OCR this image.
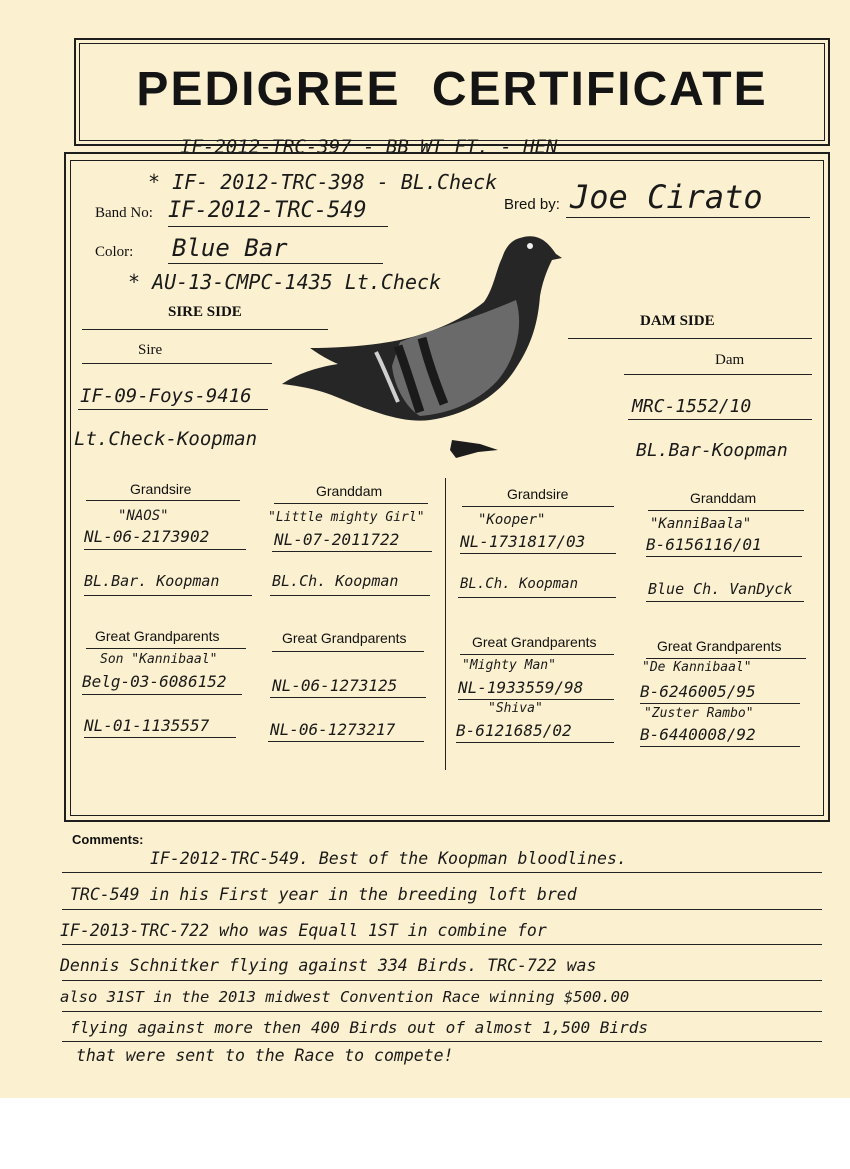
PEDIGREE CERTIFICATE
IF-2012-TRC-397 - BB WT FT. - HEN
* IF- 2012-TRC-398 - BL.Check
Band No: IF-2012-TRC-549	Bred by: Joe Cirato
Color: Blue Bar
* AU-13-CMPC-1435 Lt.Check
SIRE SIDE
Sire
IF-09-Foys-9416
Lt.Check-Koopman
DAM SIDE
Dam
MRC-1552/10
BL.Bar-Koopman
Grandsire
"NAOS"
NL-06-2173902
BL.Bar. Koopman
Granddam
"Little mighty Girl"
NL-07-2011722
BL.Ch. Koopman
Grandsire
"Kooper"
NL-1731817/03
BL.Ch. Koopman
Granddam
"KanniBaala"
B-6156116/01
Blue Ch. VanDyck
Great Grandparents
Son "Kannibaal"
Belg-03-6086152
NL-01-1135557
Great Grandparents
NL-06-1273125
NL-06-1273217
Great Grandparents
"Mighty Man"
NL-1933559/98
"Shiva"
B-6121685/02
Great Grandparents
"De Kannibaal"
B-6246005/95
"Zuster Rambo"
B-6440008/92
Comments:
IF-2012-TRC-549. Best of the Koopman bloodlines.
TRC-549 in his First year in the breeding loft bred
IF-2013-TRC-722 who was Equall 1ST in combine for
Dennis Schnitker flying against 334 Birds. TRC-722 was
also 31ST in the 2013 midwest Convention Race winning $500.00
flying against more then 400 Birds out of almost 1,500 Birds
that were sent to the Race to compete!
